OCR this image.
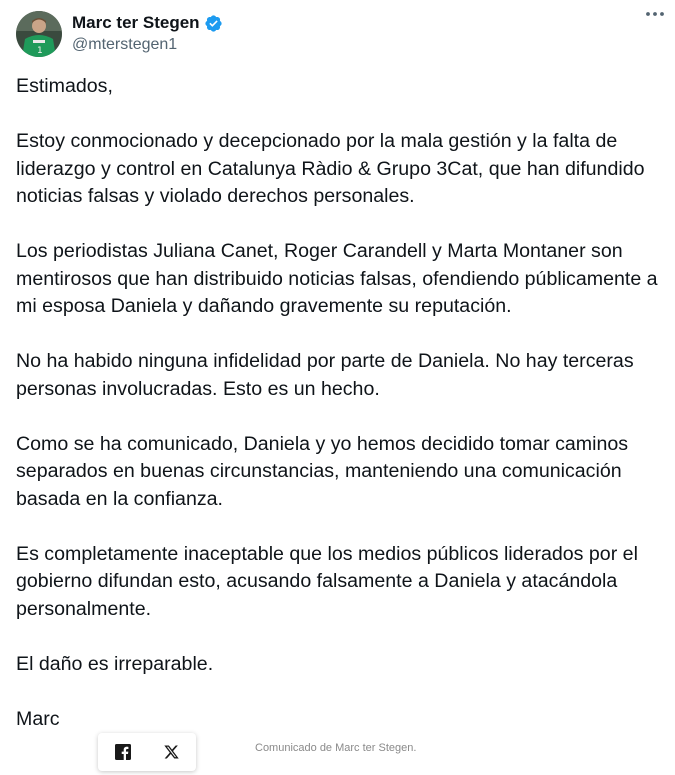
1
Marc ter Stegen
@mterstegen1

Estimados,

Estoy conmocionado y decepcionado por la mala gestión y la falta de liderazgo y control en Catalunya Ràdio & Grupo 3Cat, que han difundido noticias falsas y violado derechos personales.

Los periodistas Juliana Canet, Roger Carandell y Marta Montaner son mentirosos que han distribuido noticias falsas, ofendiendo públicamente a mi esposa Daniela y dañando gravemente su reputación.

No ha habido ninguna infidelidad por parte de Daniela. No hay terceras personas involucradas. Esto es un hecho.

Como se ha comunicado, Daniela y yo hemos decidido tomar caminos separados en buenas circunstancias, manteniendo una comunicación basada en la confianza.

Es completamente inaceptable que los medios públicos liderados por el gobierno difundan esto, acusando falsamente a Daniela y atacándola personalmente.

El daño es irreparable.

Marc

Comunicado de Marc ter Stegen.
